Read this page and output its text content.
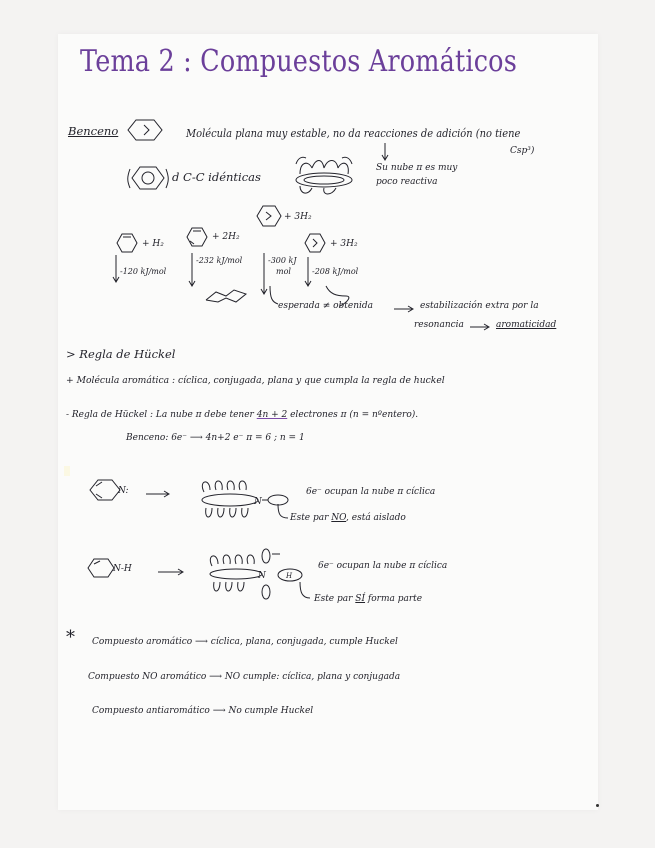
Tema 2 : Compuestos Aromáticos
Benceno	Molécula plana muy estable, no da reacciones de adición (no tiene
Csp³)
d C-C idénticas
Su nube π es muy
poco reactiva
+ 3H₂
+ H₂
+ 2H₂
+ 3H₂
-120 kJ/mol
-232 kJ/mol	-300 kJ
mol	-208 kJ/mol
esperada ≠ obtenida	estabilización extra por la
resonancia	aromaticidad
> Regla de Hückel
+ Molécula aromática : cíclica, conjugada, plana y que cumpla la regla de huckel
- Regla de Hückel : La nube π debe tener 4n + 2 electrones π (n = nºentero).
Benceno: 6e⁻ ⟶ 4n+2 e⁻ π = 6 ; n = 1
N:
N
6e⁻ ocupan la nube π cíclica
Este par NO, está aislado
N-H
N	H
6e⁻ ocupan la nube π cíclica
Este par SÍ forma parte
* Compuesto aromático ⟶ cíclica, plana, conjugada, cumple Huckel
Compuesto NO aromático ⟶ NO cumple: cíclica, plana y conjugada
Compuesto antiaromático ⟶ No cumple Huckel
